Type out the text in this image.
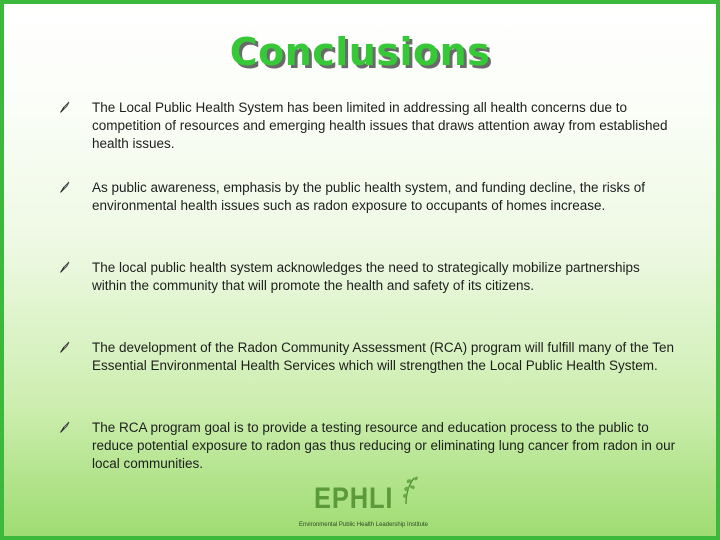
Conclusions

The Local Public Health System has been limited in addressing all health concerns due to competition of resources and emerging health issues that draws attention away from established health issues.

As public awareness, emphasis by the public health system, and funding decline, the risks of environmental health issues such as radon exposure to occupants of homes increase.

The local public health system acknowledges the need to strategically mobilize partnerships within the community that will promote the health and safety of its citizens.

The development of the Radon Community Assessment (RCA) program will fulfill many of the Ten Essential Environmental Health Services which will strengthen the Local Public Health System.

The RCA program goal is to provide a testing resource and education process to the public to reduce potential exposure to radon gas thus reducing or eliminating lung cancer from radon in our local communities.

EPHLI
Environmental Public Health Leadership Institute
